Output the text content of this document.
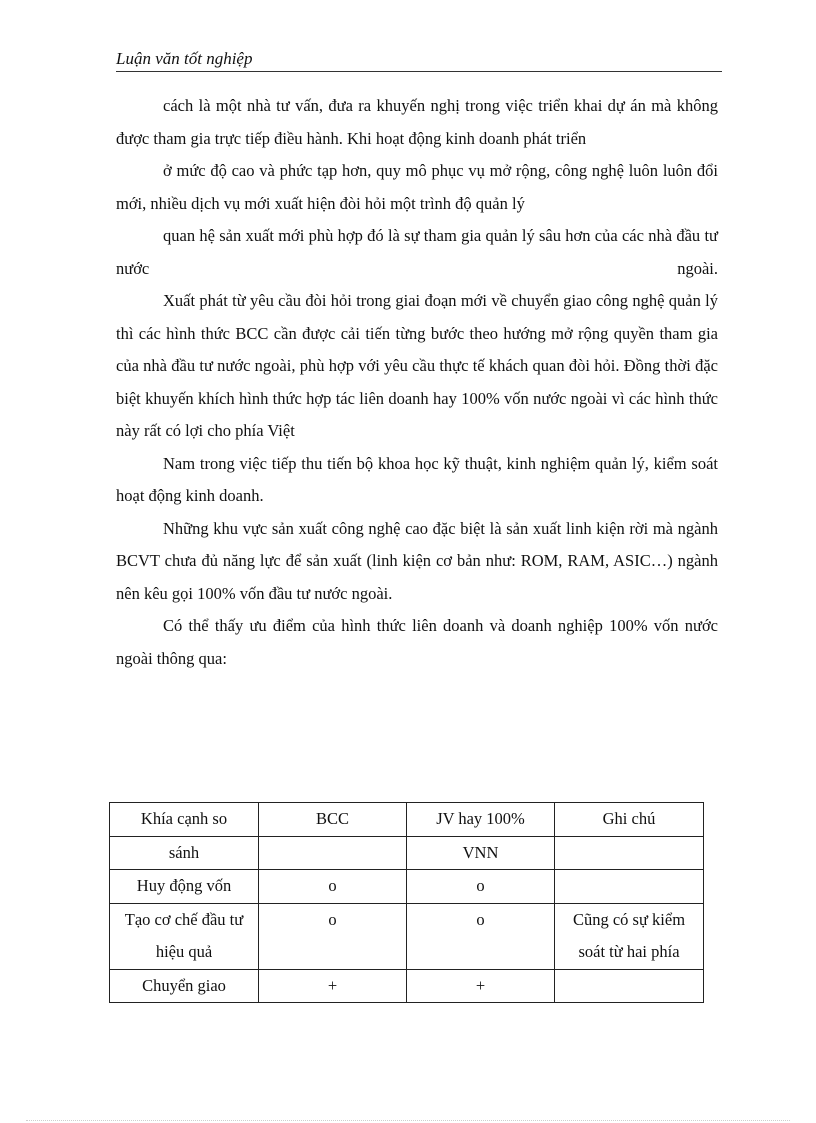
Luận văn tốt nghiệp

cách là một nhà tư vấn, đưa ra khuyến nghị trong việc triển khai dự án mà không được tham gia trực tiếp điều hành. Khi hoạt động kinh doanh phát triển

ở mức độ cao và phức tạp hơn, quy mô phục vụ mở rộng, công nghệ luôn luôn đổi mới, nhiều dịch vụ mới xuất hiện đòi hỏi một trình độ quản lý

quan hệ sản xuất mới phù hợp đó là sự tham gia quản lý sâu hơn của các nhà đầu tư nước ngoài.

Xuất phát từ yêu cầu đòi hỏi trong giai đoạn mới về chuyển giao công nghệ quản lý thì các hình thức BCC cần được cải tiến từng bước theo hướng mở rộng quyền tham gia của nhà đầu tư nước ngoài, phù hợp với yêu cầu thực tế khách quan đòi hỏi. Đồng thời đặc biệt khuyến khích hình thức hợp tác liên doanh hay 100% vốn nước ngoài vì các hình thức này rất có lợi cho phía Việt

Nam trong việc tiếp thu tiến bộ khoa học kỹ thuật, kinh nghiệm quản lý, kiểm soát hoạt động kinh doanh.

Những khu vực sản xuất công nghệ cao đặc biệt là sản xuất linh kiện rời mà ngành BCVT chưa đủ năng lực để sản xuất (linh kiện cơ bản như: ROM, RAM, ASIC…) ngành nên kêu gọi 100% vốn đầu tư nước ngoài.

Có thể thấy ưu điểm của hình thức liên doanh và doanh nghiệp 100% vốn nước ngoài thông qua:

Khía cạnh so	BCC	JV hay 100%	Ghi chú
sánh		VNN	
Huy động vốn	o	o	
Tạo cơ chế đầu tư hiệu quả	o	o	Cũng có sự kiểm soát từ hai phía
Chuyển giao	+	+	
